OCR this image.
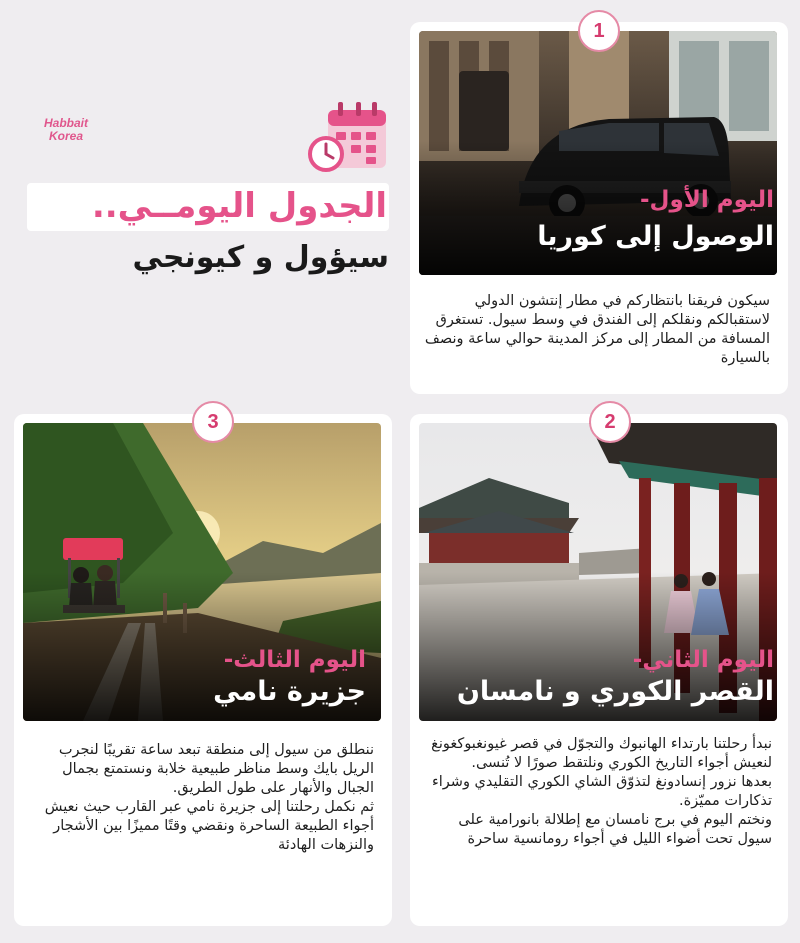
Habbait
Korea
الجدول اليومــي..
سيؤول و كيونجي
اليوم الأول-
الوصول إلى كوريا
1

سيكون فريقنا بانتظاركم في مطار إنتشون الدولي لاستقبالكم ونقلكم إلى الفندق في وسط سيول. تستغرق المسافة من المطار إلى مركز المدينة حوالي ساعة ونصف بالسيارة

اليوم الثاني-
القصر الكوري و نامسان
2

نبدأ رحلتنا بارتداء الهانبوك والتجوّل في قصر غيونغبوكغونغ لنعيش أجواء التاريخ الكوري ونلتقط صورًا لا تُنسى.

بعدها نزور إنسادونغ لتذوّق الشاي الكوري التقليدي وشراء تذكارات مميّزة.

ونختم اليوم في برج نامسان مع إطلالة بانورامية على سيول تحت أضواء الليل في أجواء رومانسية ساحرة

اليوم الثالث-
جزيرة نامي
3

ننطلق من سيول إلى منطقة تبعد ساعة تقريبًا لنجرب الريل بايك وسط مناظر طبيعية خلابة ونستمتع بجمال الجبال والأنهار على طول الطريق.

ثم نكمل رحلتنا إلى جزيرة نامي عبر القارب حيث نعيش أجواء الطبيعة الساحرة ونقضي وقتًا مميزًا بين الأشجار والنزهات الهادئة
